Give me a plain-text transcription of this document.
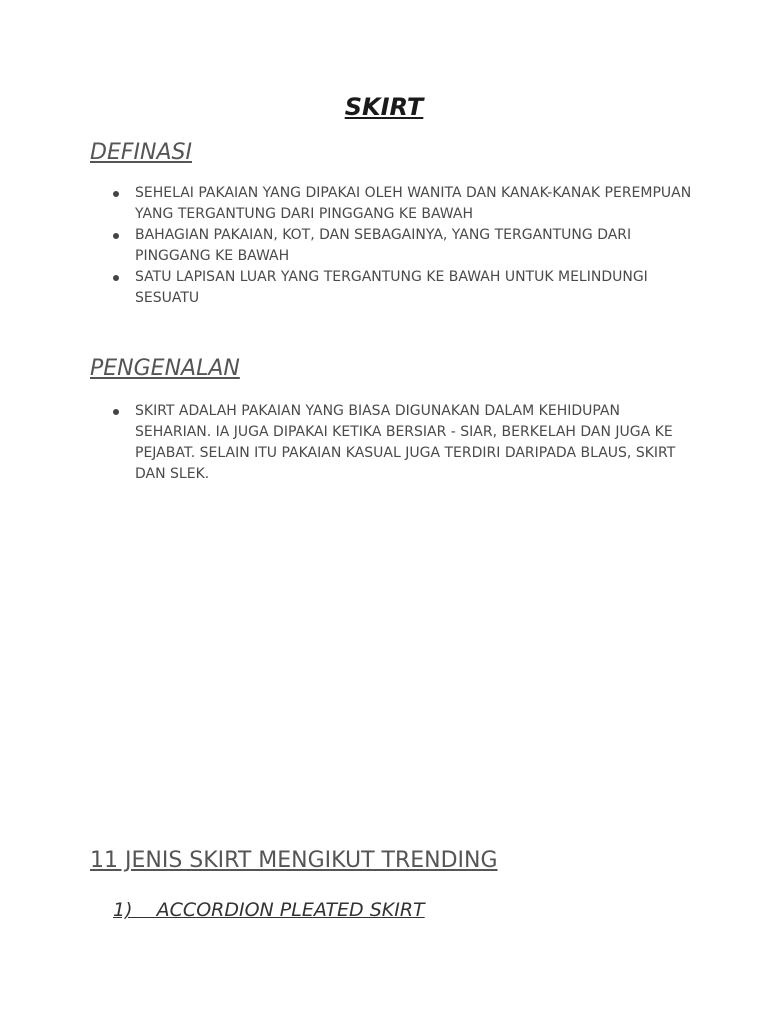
SKIRT
DEFINASI
SEHELAI PAKAIAN YANG DIPAKAI OLEH WANITA DAN KANAK-KANAK PEREMPUAN YANG TERGANTUNG DARI PINGGANG KE BAWAH
BAHAGIAN PAKAIAN, KOT, DAN SEBAGAINYA, YANG TERGANTUNG DARI PINGGANG KE BAWAH
SATU LAPISAN LUAR YANG TERGANTUNG KE BAWAH UNTUK MELINDUNGI SESUATU
PENGENALAN
SKIRT ADALAH PAKAIAN YANG BIASA DIGUNAKAN DALAM KEHIDUPAN SEHARIAN. IA JUGA DIPAKAI KETIKA BERSIAR - SIAR, BERKELAH DAN JUGA KE PEJABAT. SELAIN ITU PAKAIAN KASUAL JUGA TERDIRI DARIPADA BLAUS, SKIRT DAN SLEK.
11 JENIS SKIRT MENGIKUT TRENDING
1)    ACCORDION PLEATED SKIRT
